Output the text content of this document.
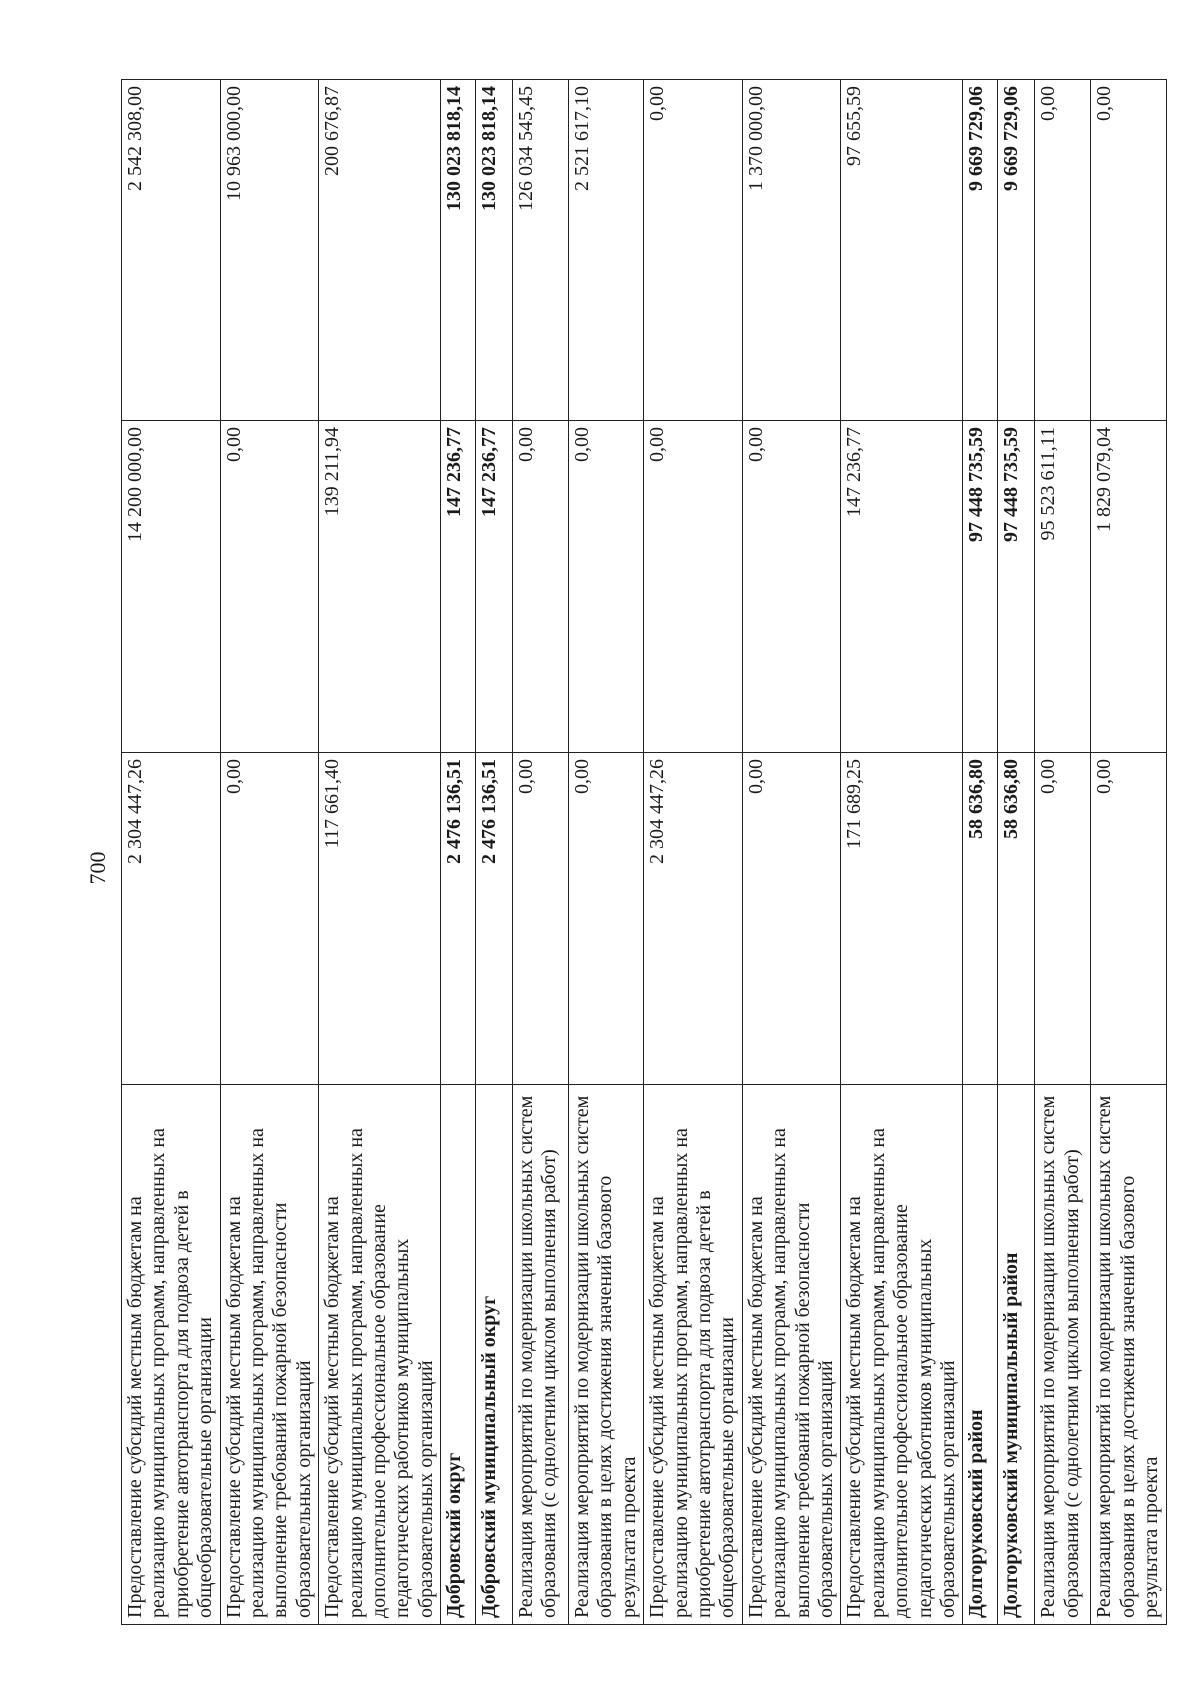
700
Предоставление субсидий местным бюджетам на реализацию муниципальных программ, направленных на приобретение автотранспорта для подвоза детей в общеобразовательные организации	2 304 447,26	14 200 000,00	2 542 308,00
Предоставление субсидий местным бюджетам на реализацию муниципальных программ, направленных на выполнение требований пожарной безопасности образовательных организаций	0,00	0,00	10 963 000,00
Предоставление субсидий местным бюджетам на реализацию муниципальных программ, направленных на дополнительное профессиональное образование педагогических работников муниципальных образовательных организаций	117 661,40	139 211,94	200 676,87
Добровский округ	2 476 136,51	147 236,77	130 023 818,14
Добровский муниципальный округ	2 476 136,51	147 236,77	130 023 818,14
Реализация мероприятий по модернизации школьных систем образования (с однолетним циклом выполнения работ)	0,00	0,00	126 034 545,45
Реализация мероприятий по модернизации школьных систем образования в целях достижения значений базового результата проекта	0,00	0,00	2 521 617,10
Предоставление субсидий местным бюджетам на реализацию муниципальных программ, направленных на приобретение автотранспорта для подвоза детей в общеобразовательные организации	2 304 447,26	0,00	0,00
Предоставление субсидий местным бюджетам на реализацию муниципальных программ, направленных на выполнение требований пожарной безопасности образовательных организаций	0,00	0,00	1 370 000,00
Предоставление субсидий местным бюджетам на реализацию муниципальных программ, направленных на дополнительное профессиональное образование педагогических работников муниципальных образовательных организаций	171 689,25	147 236,77	97 655,59
Долгоруковский район	58 636,80	97 448 735,59	9 669 729,06
Долгоруковский муниципальный район	58 636,80	97 448 735,59	9 669 729,06
Реализация мероприятий по модернизации школьных систем образования (с однолетним циклом выполнения работ)	0,00	95 523 611,11	0,00
Реализация мероприятий по модернизации школьных систем образования в целях достижения значений базового результата проекта	0,00	1 829 079,04	0,00
